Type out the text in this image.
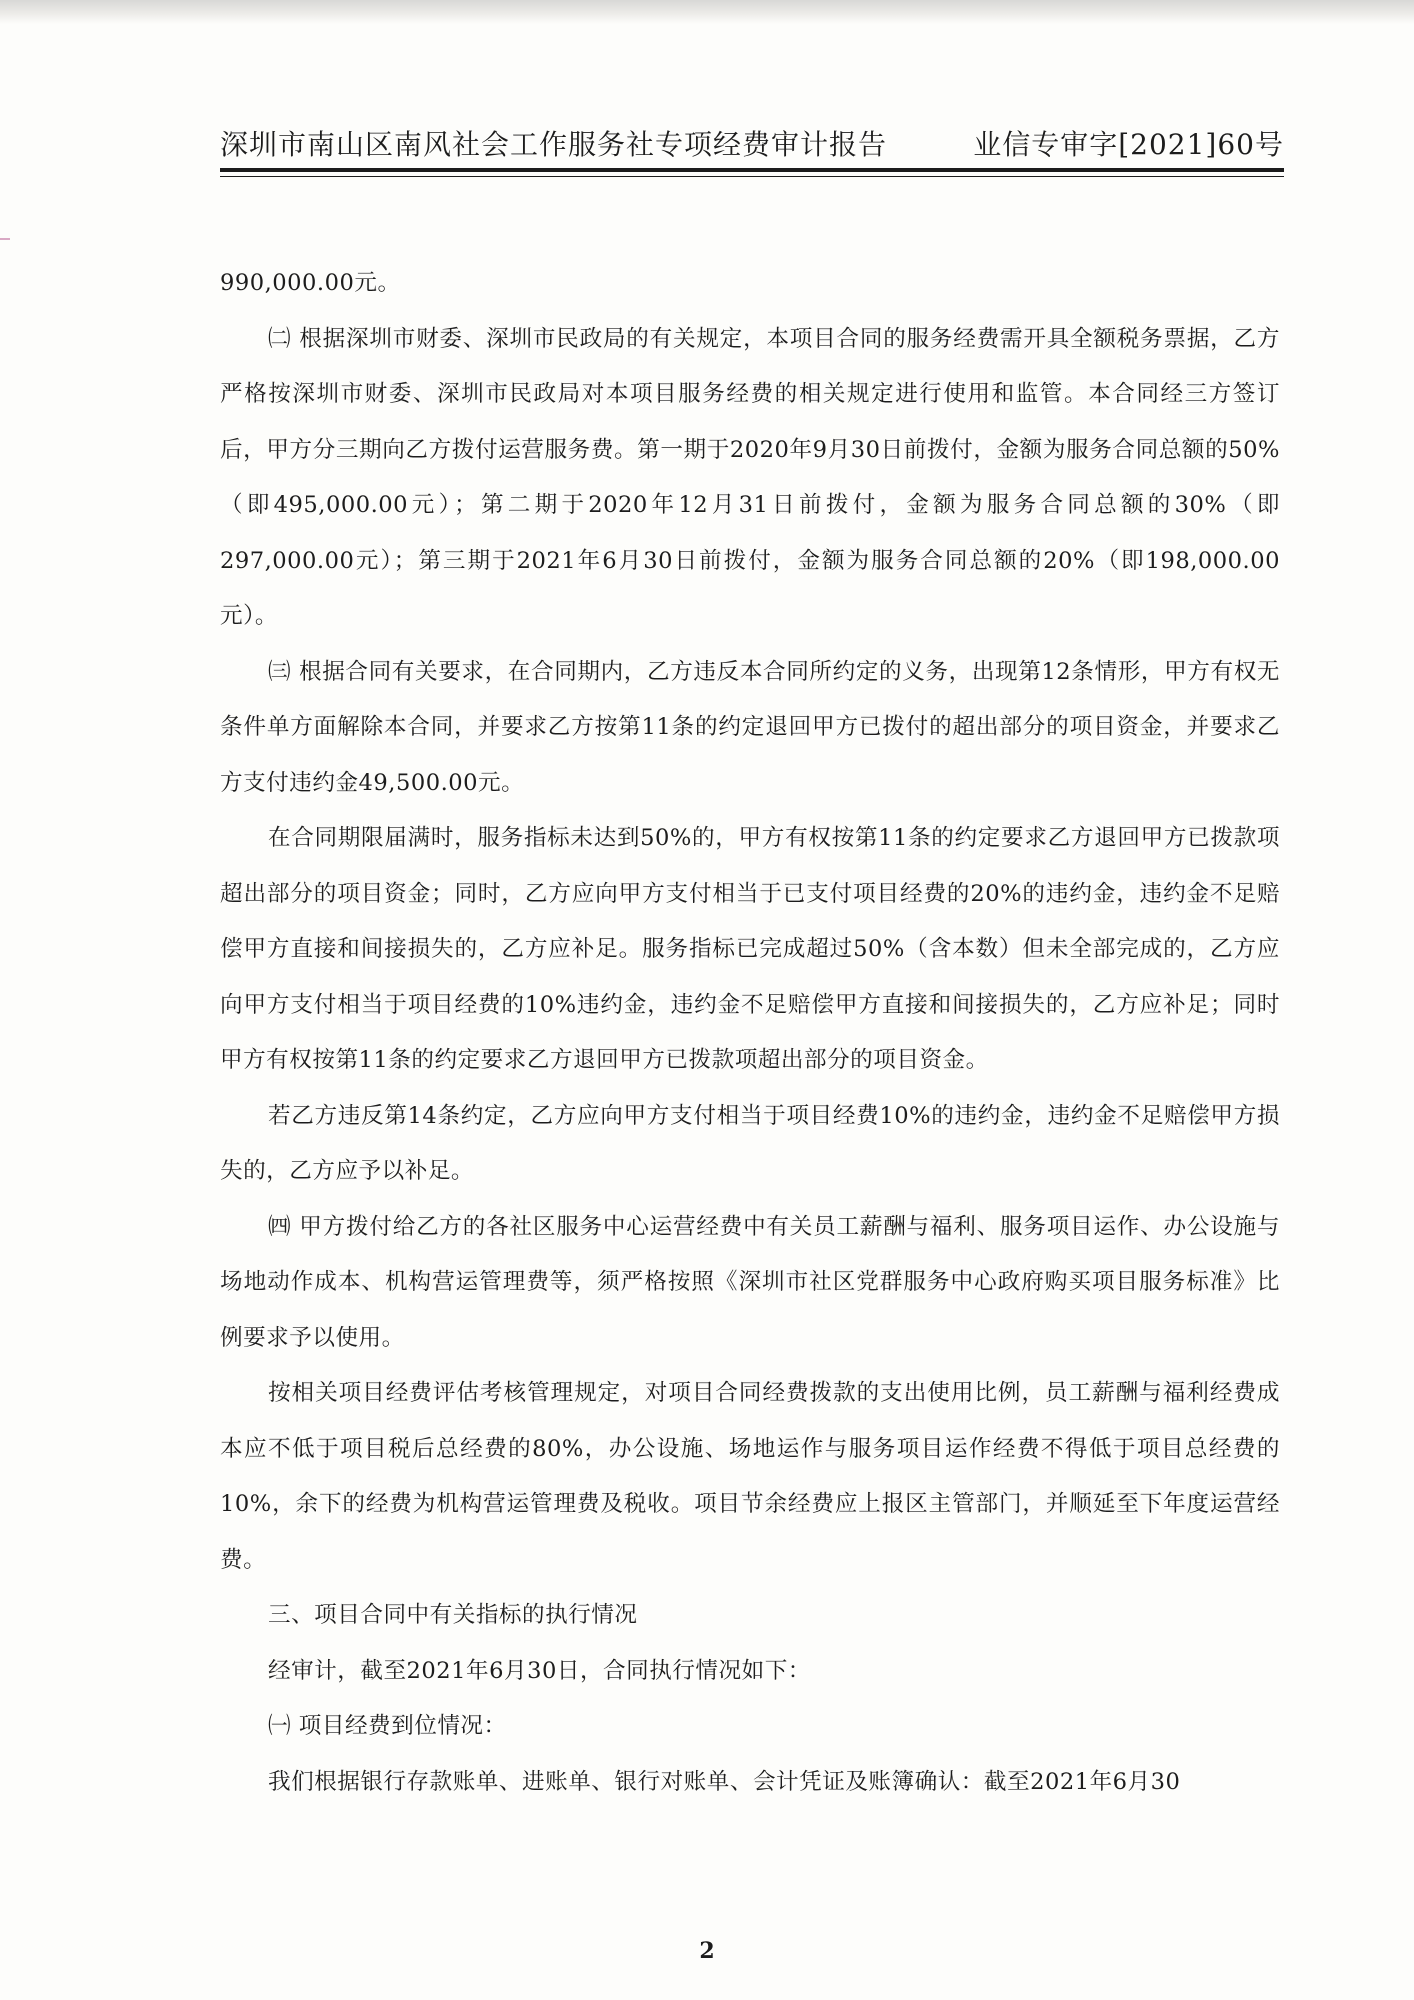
深圳市南山区南风社会工作服务社专项经费审计报告	业信专审字[2021]60号

990,000.00元。

㈡ 根据深圳市财委、深圳市民政局的有关规定，本项目合同的服务经费需开具全额税务票据，乙方严格按深圳市财委、深圳市民政局对本项目服务经费的相关规定进行使用和监管。本合同经三方签订后，甲方分三期向乙方拨付运营服务费。第一期于2020年9月30日前拨付，金额为服务合同总额的50%（即495,000.00元）；第二期于2020年12月31日前拨付，金额为服务合同总额的30%（即297,000.00元）；第三期于2021年6月30日前拨付，金额为服务合同总额的20%（即198,000.00元）。

㈢ 根据合同有关要求，在合同期内，乙方违反本合同所约定的义务，出现第12条情形，甲方有权无条件单方面解除本合同，并要求乙方按第11条的约定退回甲方已拨付的超出部分的项目资金，并要求乙方支付违约金49,500.00元。

在合同期限届满时，服务指标未达到50%的，甲方有权按第11条的约定要求乙方退回甲方已拨款项超出部分的项目资金；同时，乙方应向甲方支付相当于已支付项目经费的20%的违约金，违约金不足赔偿甲方直接和间接损失的，乙方应补足。服务指标已完成超过50%（含本数）但未全部完成的，乙方应向甲方支付相当于项目经费的10%违约金，违约金不足赔偿甲方直接和间接损失的，乙方应补足；同时甲方有权按第11条的约定要求乙方退回甲方已拨款项超出部分的项目资金。

若乙方违反第14条约定，乙方应向甲方支付相当于项目经费10%的违约金，违约金不足赔偿甲方损失的，乙方应予以补足。

㈣ 甲方拨付给乙方的各社区服务中心运营经费中有关员工薪酬与福利、服务项目运作、办公设施与场地动作成本、机构营运管理费等，须严格按照《深圳市社区党群服务中心政府购买项目服务标准》比例要求予以使用。

按相关项目经费评估考核管理规定，对项目合同经费拨款的支出使用比例，员工薪酬与福利经费成本应不低于项目税后总经费的80%，办公设施、场地运作与服务项目运作经费不得低于项目总经费的10%，余下的经费为机构营运管理费及税收。项目节余经费应上报区主管部门，并顺延至下年度运营经费。

三、项目合同中有关指标的执行情况

经审计，截至2021年6月30日，合同执行情况如下：

㈠ 项目经费到位情况：

我们根据银行存款账单、进账单、银行对账单、会计凭证及账簿确认：截至2021年6月30

2
